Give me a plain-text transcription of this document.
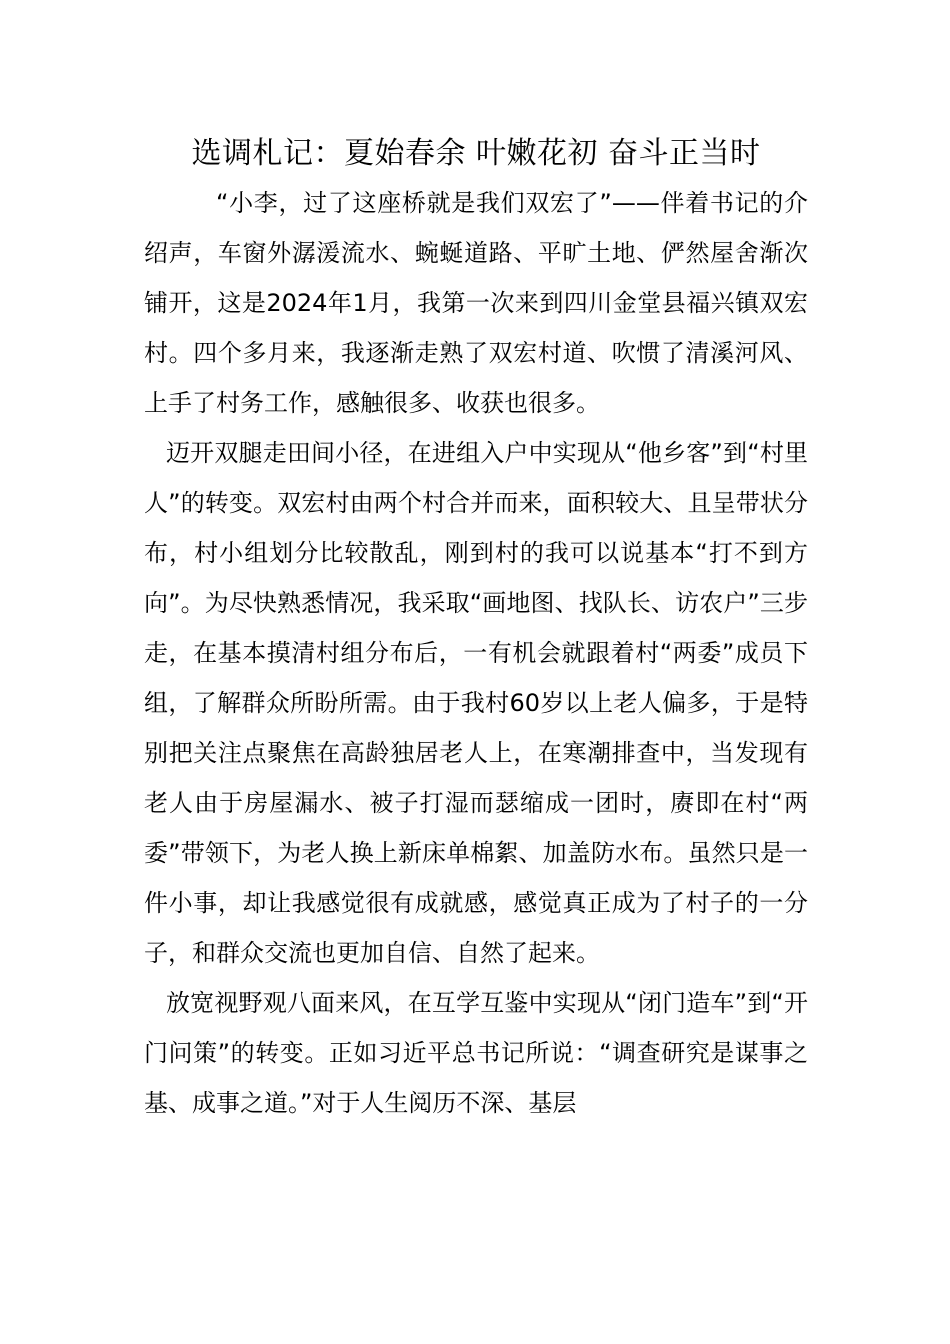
选调札记：夏始春余 叶嫩花初 奋斗正当时

“小李，过了这座桥就是我们双宏了”——伴着书记的介绍声，车窗外潺湲流水、蜿蜒道路、平旷土地、俨然屋舍渐次铺开，这是2024年1月，我第一次来到四川金堂县福兴镇双宏村。四个多月来，我逐渐走熟了双宏村道、吹惯了清溪河风、上手了村务工作，感触很多、收获也很多。

迈开双腿走田间小径，在进组入户中实现从“他乡客”到“村里人”的转变。双宏村由两个村合并而来，面积较大、且呈带状分布，村小组划分比较散乱，刚到村的我可以说基本“打不到方向”。为尽快熟悉情况，我采取“画地图、找队长、访农户”三步走，在基本摸清村组分布后，一有机会就跟着村“两委”成员下组，了解群众所盼所需。由于我村60岁以上老人偏多，于是特别把关注点聚焦在高龄独居老人上，在寒潮排查中，当发现有老人由于房屋漏水、被子打湿而瑟缩成一团时，赓即在村“两委”带领下，为老人换上新床单棉絮、加盖防水布。虽然只是一件小事，却让我感觉很有成就感，感觉真正成为了村子的一分子，和群众交流也更加自信、自然了起来。

放宽视野观八面来风，在互学互鉴中实现从“闭门造车”到“开门问策”的转变。正如习近平总书记所说：“调查研究是谋事之基、成事之道。”对于人生阅历不深、基层
